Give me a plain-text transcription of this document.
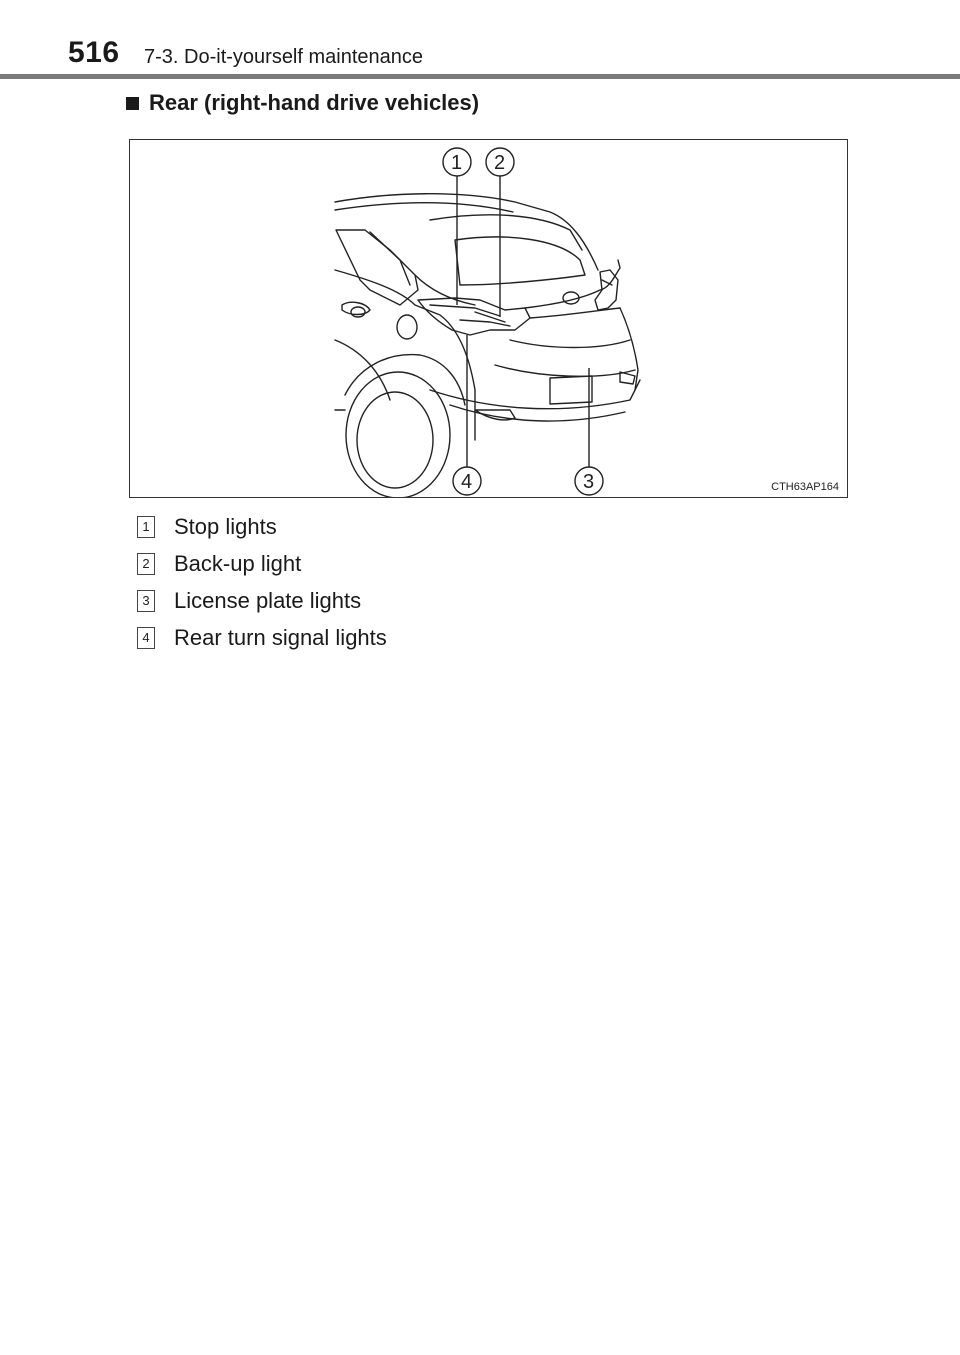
516 7-3. Do-it-yourself maintenance
Rear (right-hand drive vehicles)
1 2
3
4	CTH63AP164
1 Stop lights
2 Back-up light
3 License plate lights
4 Rear turn signal lights
